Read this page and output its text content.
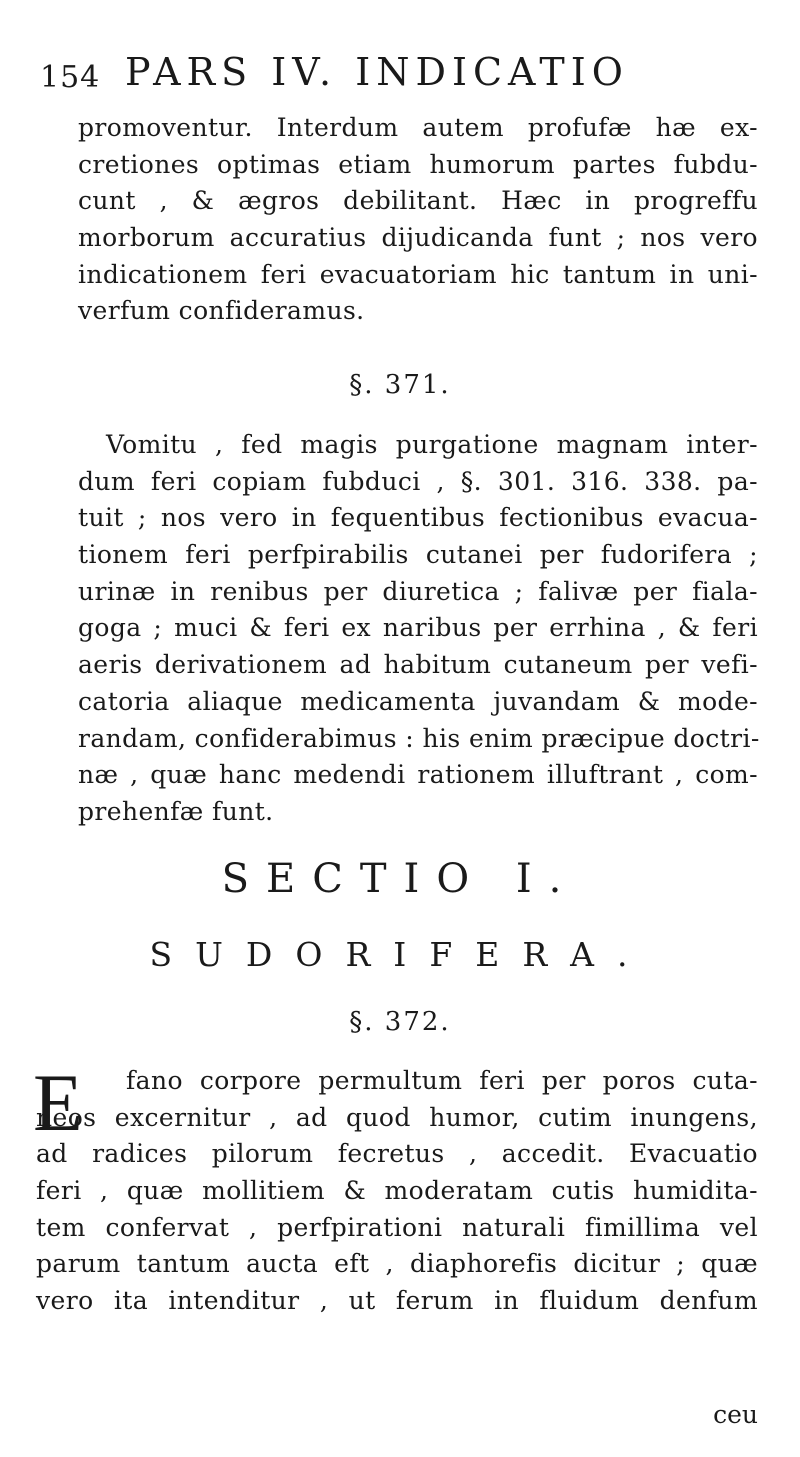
154 PARS IV. INDICATIO
promoventur. Interdum autem profufæ hæ ex-
cretiones optimas etiam humorum partes fubdu-
cunt , & ægros debilitant. Hæc in progreffu
morborum accuratius dijudicanda funt ; nos vero
indicationem feri evacuatoriam hic tantum in uni-
verfum confideramus.
§. 371.
Vomitu , fed magis purgatione magnam inter-
dum feri copiam fubduci , §. 301. 316. 338. pa-
tuit ; nos vero in fequentibus fectionibus evacua-
tionem feri perfpirabilis cutanei per fudorifera ;
urinæ in renibus per diuretica ; falivæ per fiala-
goga ; muci & feri ex naribus per errhina , & feri
aeris derivationem ad habitum cutaneum per vefi-
catoria aliaque medicamenta juvandam & mode-
randam, confiderabimus : his enim præcipue doctri-
næ , quæ hanc medendi rationem illuftrant , com-
prehenfæ funt.
SECTIO I.
SUDORIFERA.
§. 372.
E	fano corpore permultum feri per poros cuta-
neos excernitur , ad quod humor, cutim inungens,
ad radices pilorum fecretus , accedit. Evacuatio
feri , quæ mollitiem & moderatam cutis humidita-
tem confervat , perfpirationi naturali fimillima vel
parum tantum aucta eft , diaphorefis dicitur ; quæ
vero ita intenditur , ut ferum in fluidum denfum
ceu
